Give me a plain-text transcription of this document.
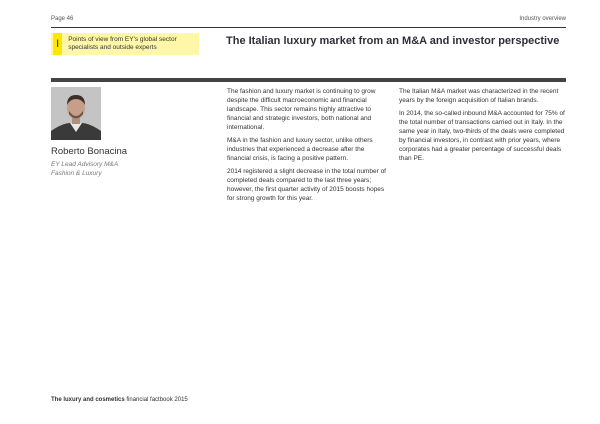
Page 46	Industry overview
I	Points of view from EY's global sector specialists and outside experts
The Italian luxury market from an M&A and investor perspective
Roberto Bonacina
EY Lead Advisory M&A
Fashion & Luxury

The fashion and luxury market is continuing to grow despite the difficult macroeconomic and financial landscape. This sector remains highly attractive to financial and strategic investors, both national and international.

M&A in the fashion and luxury sector, unlike others industries that experienced a decrease after the financial crisis, is facing a positive pattern.

2014 registered a slight decrease in the total number of completed deals compared to the last three years; however, the first quarter activity of 2015 boosts hopes for strong growth for this year.

The Italian M&A market was characterized in the recent years by the foreign acquisition of Italian brands.

In 2014, the so-called inbound M&A accounted for 75% of the total number of transactions carried out in Italy. In the same year in Italy, two-thirds of the deals were completed by financial investors, in contrast with prior years, where corporates had a greater percentage of successful deals than PE.

The luxury and cosmetics financial factbook 2015
